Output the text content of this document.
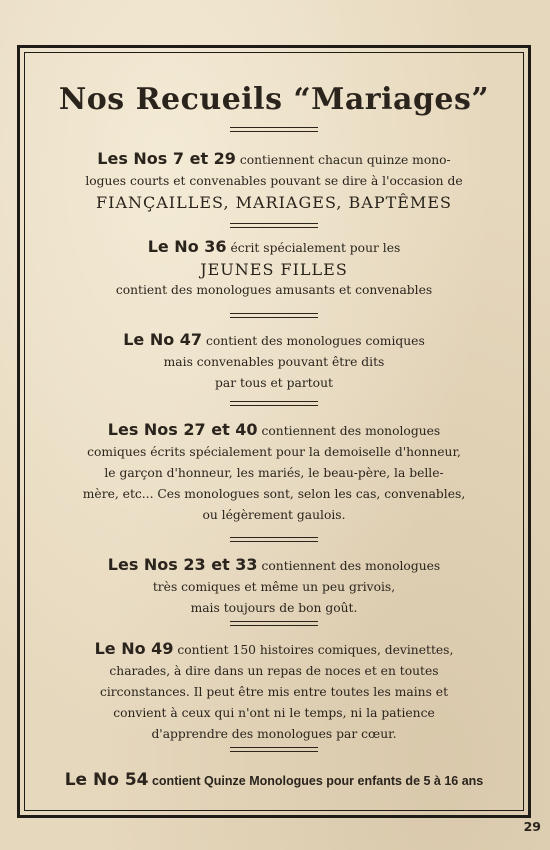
Nos Recueils “Mariages”
Les Nos 7 et 29 contiennent chacun quinze mono-
logues courts et convenables pouvant se dire à l'occasion de
FIANÇAILLES, MARIAGES, BAPTÊMES
Le No 36 écrit spécialement pour les
JEUNES FILLES
contient des monologues amusants et convenables
Le No 47 contient des monologues comiques
mais convenables pouvant être dits
par tous et partout
Les Nos 27 et 40 contiennent des monologues
comiques écrits spécialement pour la demoiselle d'honneur,
le garçon d'honneur, les mariés, le beau-père, la belle-
mère, etc... Ces monologues sont, selon les cas, convenables,
ou légèrement gaulois.
Les Nos 23 et 33 contiennent des monologues
très comiques et même un peu grivois,
mais toujours de bon goût.
Le No 49 contient 150 histoires comiques, devinettes,
charades, à dire dans un repas de noces et en toutes
circonstances. Il peut être mis entre toutes les mains et
convient à ceux qui n'ont ni le temps, ni la patience
d'apprendre des monologues par cœur.
Le No 54 contient Quinze Monologues pour enfants de 5 à 16 ans
29
